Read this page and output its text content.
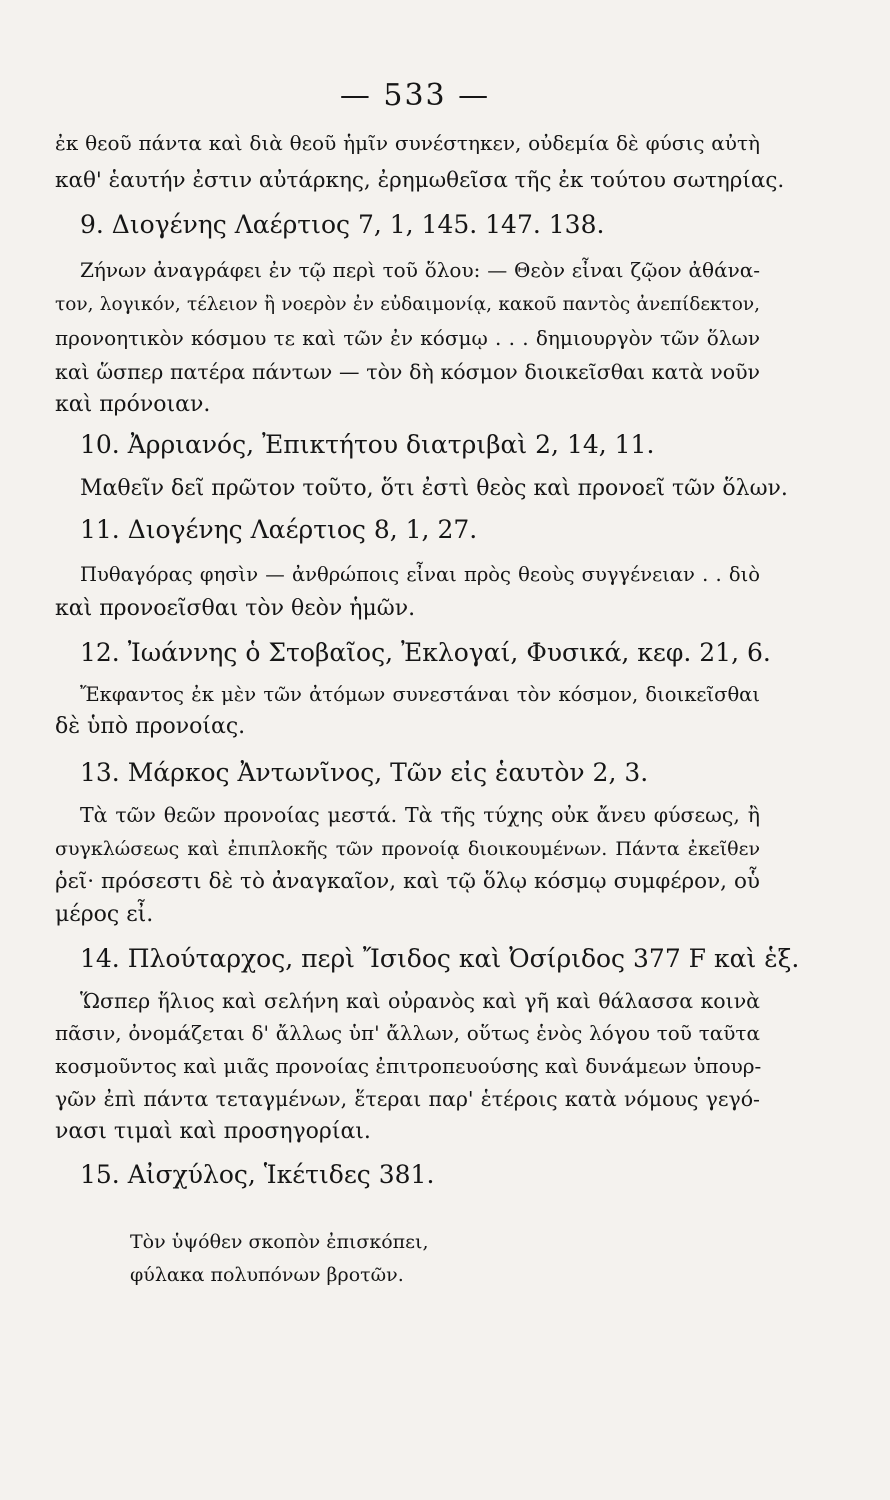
— 533 —
ἐκ θεοῦ πάντα καὶ διὰ θεοῦ ἡμῖν συνέστηκεν, οὐδεμία δὲ φύσις αὐτὴ
καθ' ἑαυτήν ἐστιν αὐτάρκης, ἐρημωθεῖσα τῆς ἐκ τούτου σωτηρίας.
9. Διογένης Λαέρτιος 7, 1, 145. 147. 138.
Ζήνων ἀναγράφει ἐν τῷ περὶ τοῦ ὅλου: — Θεὸν εἶναι ζῷον ἀθάνα-
τον, λογικόν, τέλειον ἢ νοερὸν ἐν εὐδαιμονίᾳ, κακοῦ παντὸς ἀνεπίδεκτον,
προνοητικὸν κόσμου τε καὶ τῶν ἐν κόσμῳ . . . δημιουργὸν τῶν ὅλων
καὶ ὥσπερ πατέρα πάντων — τὸν δὴ κόσμον διοικεῖσθαι κατὰ νοῦν
καὶ πρόνοιαν.
10. Ἀρριανός, Ἐπικτήτου διατριβαὶ 2, 14, 11.
Μαθεῖν δεῖ πρῶτον τοῦτο, ὅτι ἐστὶ θεὸς καὶ προνοεῖ τῶν ὅλων.
11. Διογένης Λαέρτιος 8, 1, 27.
Πυθαγόρας φησὶν — ἀνθρώποις εἶναι πρὸς θεοὺς συγγένειαν . . διὸ
καὶ προνοεῖσθαι τὸν θεὸν ἡμῶν.
12. Ἰωάννης ὁ Στοβαῖος, Ἐκλογαί, Φυσικά, κεφ. 21, 6.
Ἔκφαντος ἐκ μὲν τῶν ἀτόμων συνεστάναι τὸν κόσμον, διοικεῖσθαι
δὲ ὑπὸ προνοίας.
13. Μάρκος Ἀντωνῖνος, Τῶν εἰς ἑαυτὸν 2, 3.
Τὰ τῶν θεῶν προνοίας μεστά. Τὰ τῆς τύχης οὐκ ἄνευ φύσεως, ἢ
συγκλώσεως καὶ ἐπιπλοκῆς τῶν προνοίᾳ διοικουμένων. Πάντα ἐκεῖθεν
ῥεῖ· πρόσεστι δὲ τὸ ἀναγκαῖον, καὶ τῷ ὅλῳ κόσμῳ συμφέρον, οὗ
μέρος εἶ.
14. Πλούταρχος, περὶ Ἴσιδος καὶ Ὀσίριδος 377 F καὶ ἑξ.
Ὥσπερ ἥλιος καὶ σελήνη καὶ οὐρανὸς καὶ γῆ καὶ θάλασσα κοινὰ
πᾶσιν, ὀνομάζεται δ' ἄλλως ὑπ' ἄλλων, οὕτως ἑνὸς λόγου τοῦ ταῦτα
κοσμοῦντος καὶ μιᾶς προνοίας ἐπιτροπευούσης καὶ δυνάμεων ὑπουρ-
γῶν ἐπὶ πάντα τεταγμένων, ἕτεραι παρ' ἑτέροις κατὰ νόμους γεγό-
νασι τιμαὶ καὶ προσηγορίαι.
15. Αἰσχύλος, Ἱκέτιδες 381.
Τὸν ὑψόθεν σκοπὸν ἐπισκόπει,
φύλακα πολυπόνων βροτῶν.
